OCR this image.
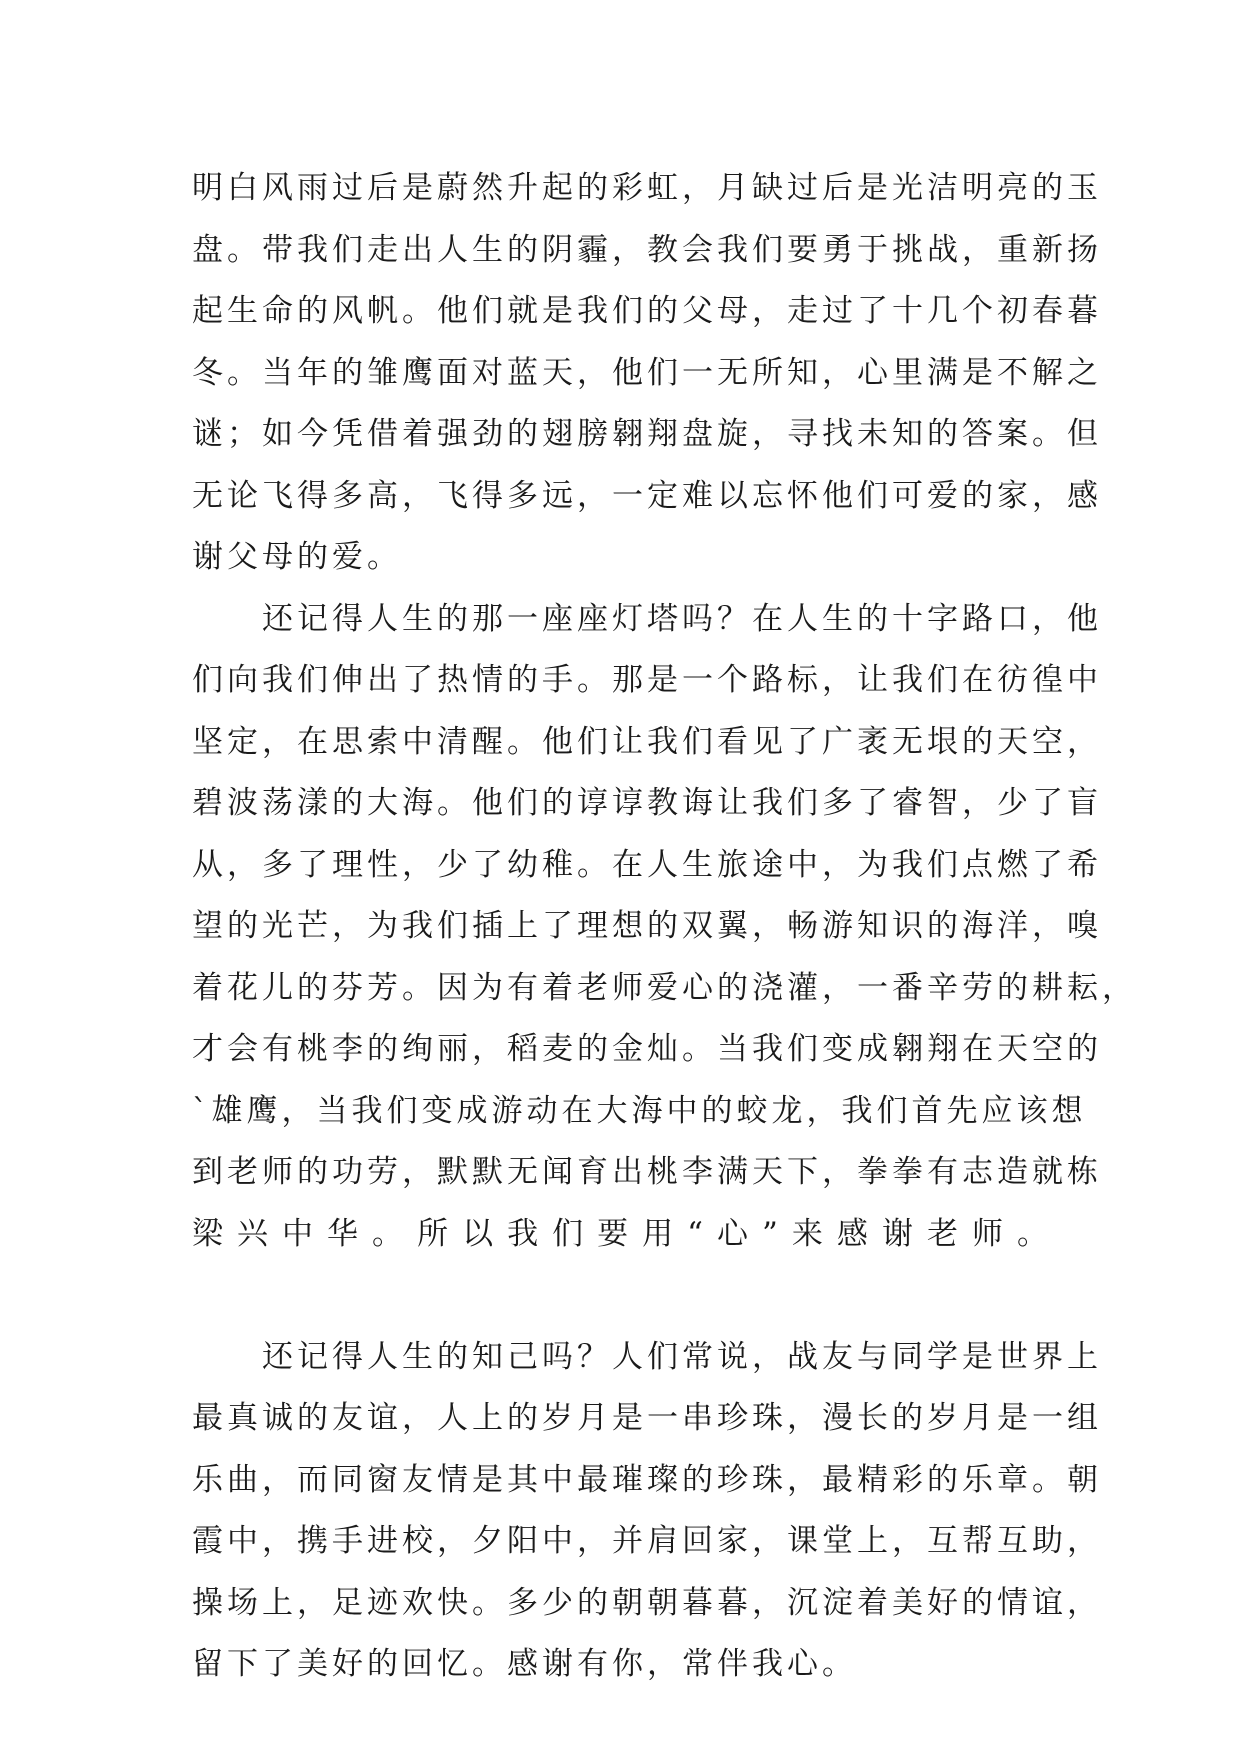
明白风雨过后是蔚然升起的彩虹，月缺过后是光洁明亮的玉
盘。带我们走出人生的阴霾，教会我们要勇于挑战，重新扬
起生命的风帆。他们就是我们的父母，走过了十几个初春暮
冬。当年的雏鹰面对蓝天，他们一无所知，心里满是不解之
谜；如今凭借着强劲的翅膀翱翔盘旋，寻找未知的答案。但
无论飞得多高，飞得多远，一定难以忘怀他们可爱的家，感
谢父母的爱。
　　还记得人生的那一座座灯塔吗？在人生的十字路口，他
们向我们伸出了热情的手。那是一个路标，让我们在彷徨中
坚定，在思索中清醒。他们让我们看见了广袤无垠的天空，
碧波荡漾的大海。他们的谆谆教诲让我们多了睿智，少了盲
从，多了理性，少了幼稚。在人生旅途中，为我们点燃了希
望的光芒，为我们插上了理想的双翼，畅游知识的海洋，嗅
着花儿的芬芳。因为有着老师爱心的浇灌，一番辛劳的耕耘，
才会有桃李的绚丽，稻麦的金灿。当我们变成翱翔在天空的
`雄鹰，当我们变成游动在大海中的蛟龙，我们首先应该想
到老师的功劳，默默无闻育出桃李满天下，拳拳有志造就栋
梁兴中华。所以我们要用“心”来感谢老师。
　　还记得人生的知己吗？人们常说，战友与同学是世界上
最真诚的友谊，人上的岁月是一串珍珠，漫长的岁月是一组
乐曲，而同窗友情是其中最璀璨的珍珠，最精彩的乐章。朝
霞中，携手进校，夕阳中，并肩回家，课堂上，互帮互助，
操场上，足迹欢快。多少的朝朝暮暮，沉淀着美好的情谊，
留下了美好的回忆。感谢有你，常伴我心。
